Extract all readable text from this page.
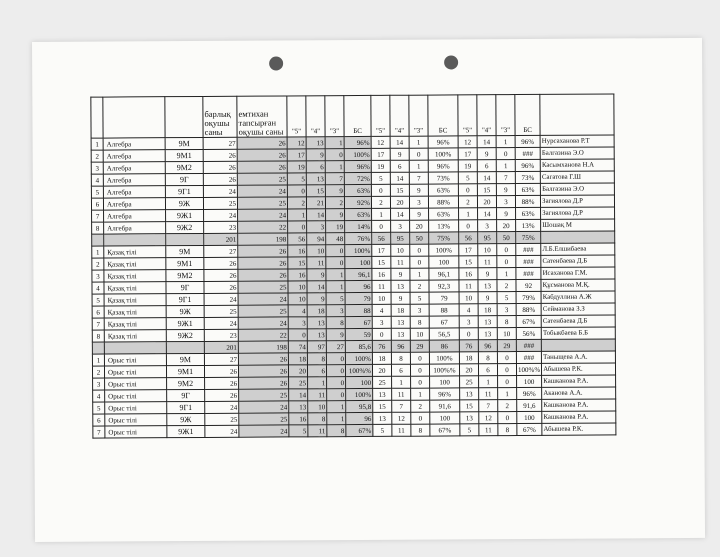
			барлық оқушы саны	емтихан тапсырған оқушы саны	"5"	"4"	"3"	БС	"5"	"4"	"3"	БС	"5"	"4"	"3"	БС	
1	Алгебра	9М	27	26	12	13	1	96%	12	14	1	96%	12	14	1	96%	Нурсаханова Р.Т
2	Алгебра	9М1	26	26	17	9	0	100%	17	9	0	100%	17	9	0	###	Балгазина Э.О
3	Алгебра	9М2	26	26	19	6	1	96%	19	6	1	96%	19	6	1	96%	Касымханова Н.А
4	Алгебра	9Г	26	25	5	13	7	72%	5	14	7	73%	5	14	7	73%	Сагатова Г.Ш
5	Алгебра	9Г1	24	24	0	15	9	63%	0	15	9	63%	0	15	9	63%	Балгазина Э.О
6	Алгебра	9Ж	25	25	2	21	2	92%	2	20	3	88%	2	20	3	88%	Загиялова Д.Р
7	Алгебра	9Ж1	24	24	1	14	9	63%	1	14	9	63%	1	14	9	63%	Загиялова Д.Р
8	Алгебра	9Ж2	23	22	0	3	19	14%	0	3	20	13%	0	3	20	13%	Шошақ М
			201	198	56	94	48	76%	56	95	50	75%	56	95	50	75%	
1	Қазақ тілі	9М	27	26	16	10	0	100%	17	10	0	100%	17	10	0	###	Л.Б.Елшибаева
2	Қазақ тілі	9М1	26	26	15	11	0	100	15	11	0	100	15	11	0	###	Сатенбаева Д.Б
3	Қазақ тілі	9М2	26	26	16	9	1	96,1	16	9	1	96,1	16	9	1	###	Исаханова Г.М.
4	Қазақ тілі	9Г	26	25	10	14	1	96	11	13	2	92,3	11	13	2	92	Құсманова М.Қ.
5	Қазақ тілі	9Г1	24	24	10	9	5	79	10	9	5	79	10	9	5	79%	Кабдуллина А.Ж
6	Қазақ тілі	9Ж	25	25	4	18	3	88	4	18	3	88	4	18	3	88%	Сейманова З.З
7	Қазақ тілі	9Ж1	24	24	3	13	8	67	3	13	8	67	3	13	8	67%	Сатенбаева Д.Б
8	Қазақ тілі	9Ж2	23	22	0	13	9	59	0	13	10	56,5	0	13	10	56%	Тобыкбаева Б.Б
			201	198	74	97	27	85,6	76	96	29	86	76	96	29	###	
1	Орыс тілі	9М	27	26	18	8	0	100%	18	8	0	100%	18	8	0	###	Таныщева А.А.
2	Орыс тілі	9М1	26	26	20	6	0	100%%	20	6	0	100%%	20	6	0	100%%	Абышева Р.К.
3	Орыс тілі	9М2	26	26	25	1	0	100	25	1	0	100	25	1	0	100	Кашканова Р.А.
4	Орыс тілі	9Г	26	25	14	11	0	100%	13	11	1	96%	13	11	1	96%	Аканова А.А.
5	Орыс тілі	9Г1	24	24	13	10	1	95,8	15	7	2	91,6	15	7	2	91,6	Кашканова Р.А.
6	Орыс тілі	9Ж	25	25	16	8	1	96	13	12	0	100	13	12	0	100	Кашканова Р.А.
7	Орыс тілі	9Ж1	24	24	5	11	8	67%	5	11	8	67%	5	11	8	67%	Абышева Р.К.
